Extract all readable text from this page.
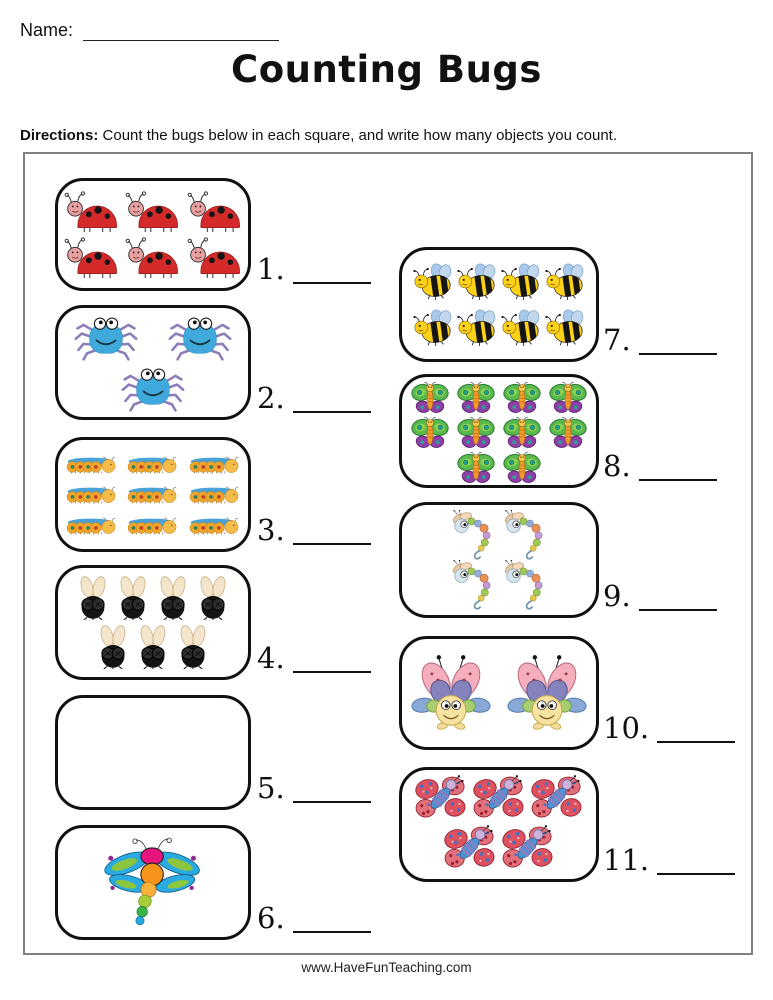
Name:
Counting Bugs

Directions: Count the bugs below in each square, and write how many objects you count.

1.
2.
3.
4.
5.
6.
7.
8.
9.
10.
11.
www.HaveFunTeaching.com
